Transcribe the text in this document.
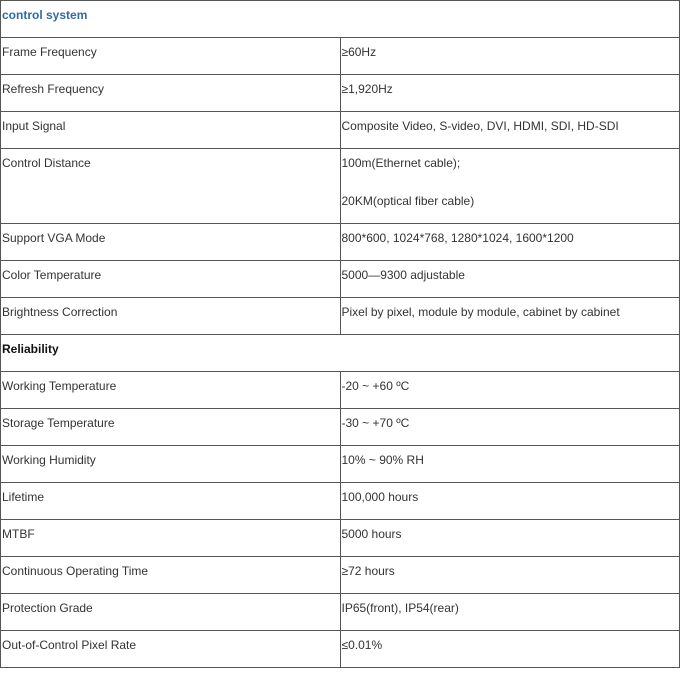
control system	
Frame Frequency	≥60Hz
Refresh Frequency	≥1,920Hz
Input Signal	Composite Video, S-video, DVI, HDMI, SDI, HD-SDI
Control Distance	100m(Ethernet cable);
20KM(optical fiber cable)

Support VGA Mode	800*600, 1024*768, 1280*1024, 1600*1200
Color Temperature	5000—9300 adjustable
Brightness Correction	Pixel by pixel, module by module, cabinet by cabinet
Reliability	
Working Temperature	-20 ~ +60 ºC
Storage Temperature	-30 ~ +70 ºC
Working Humidity	10% ~ 90% RH
Lifetime	100,000 hours
MTBF	5000 hours
Continuous Operating Time	≥72 hours
Protection Grade	IP65(front), IP54(rear)
Out-of-Control Pixel Rate	≤0.01%
